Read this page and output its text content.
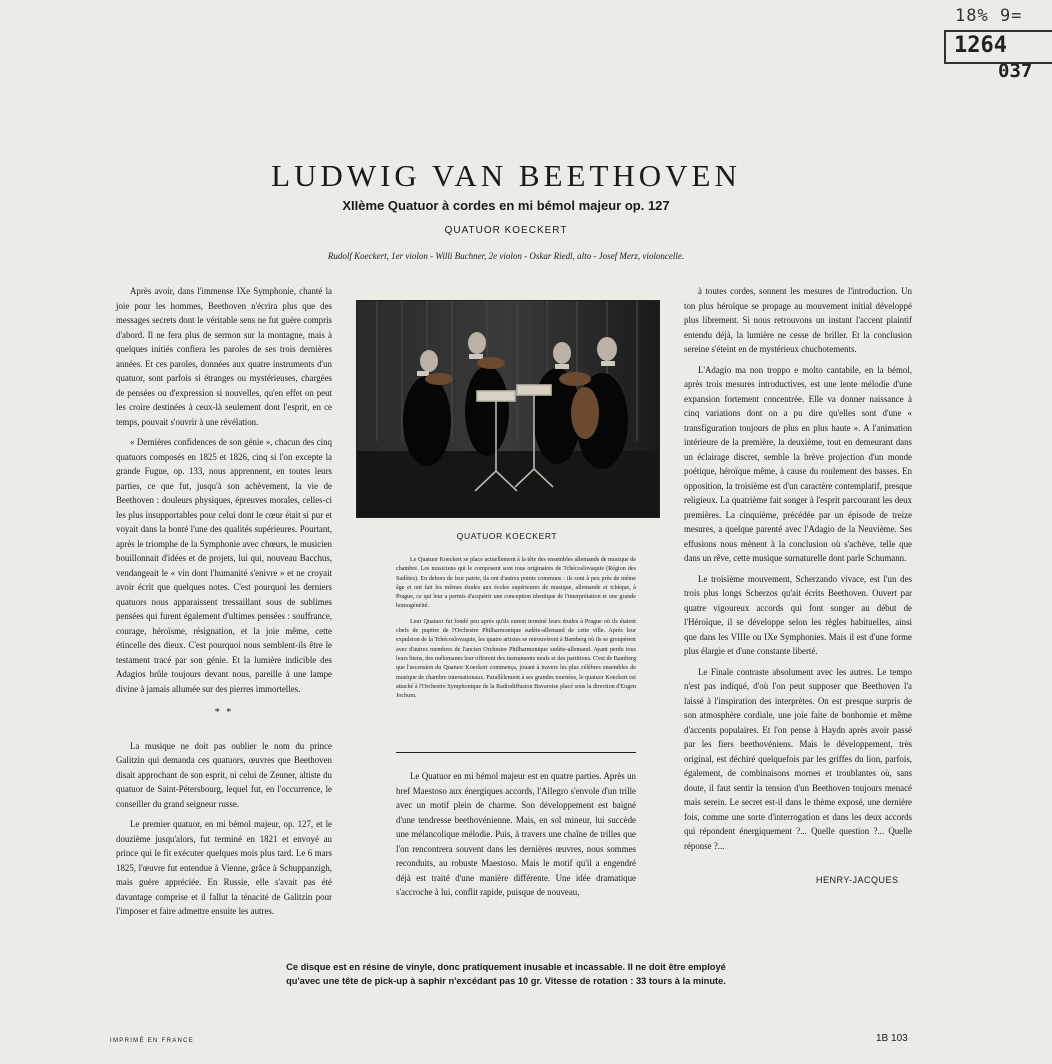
18% 9=
1264
037
LUDWIG VAN BEETHOVEN
XIIème Quatuor à cordes en mi bémol majeur op. 127
QUATUOR KOECKERT
Rudolf Koeckert, 1er violon - Willi Buchner, 2e violon - Oskar Riedl, alto - Josef Merz, violoncelle.

Après avoir, dans l'immense IXe Symphonie, chanté la joie pour les hommes, Beethoven n'écrira plus que des messages secrets dont le véritable sens ne fut guère compris d'abord. Il ne fera plus de sermon sur la montagne, mais à quelques initiés confiera les paroles de ses trois dernières années. Et ces paroles, données aux quatre instruments d'un quatuor, sont parfois si étranges ou mystérieuses, chargées de pensées ou d'expression si nouvelles, qu'en effet on peut les croire destinées à ceux-là seulement dont l'esprit, en ce temps, pouvait s'ouvrir à une révélation.

« Dernières confidences de son génie », chacun des cinq quatuors composés en 1825 et 1826, cinq si l'on excepte la grande Fugue, op. 133, nous apprennent, en toutes leurs parties, ce que fut, jusqu'à son achèvement, la vie de Beethoven : douleurs physiques, épreuves morales, celles-ci les plus insupportables pour celui dont le cœur était si pur et voyait dans la bonté l'une des qualités supérieures. Pourtant, après le triomphe de la Symphonie avec chœurs, le musicien bouillonnait d'idées et de projets, lui qui, nouveau Bacchus, vendangeait le « vin dont l'humanité s'enivre » et ne croyait avoir écrit que quelques notes. C'est pourquoi les derniers quatuors nous apparaissent tressaillant sous de sublimes pensées qui furent également d'ultimes pensées : souffrance, courage, héroïsme, résignation, et la joie même, cette étincelle des dieux. C'est pourquoi nous semblent-ils être le testament tracé par son génie. Et la lumière indicible des Adagios brûle toujours devant nous, pareille à une lampe divine à jamais allumée sur des pierres immortelles.

* *

La musique ne doit pas oublier le nom du prince Galitzin qui demanda ces quatuors, œuvres que Beethoven disait approchant de son esprit, ni celui de Zeuner, altiste du quatuor de Saint-Pétersbourg, lequel fut, en l'occurrence, le conseiller du grand seigneur russe.

Le premier quatuor, en mi bémol majeur, op. 127, et le douzième jusqu'alors, fut terminé en 1821 et envoyé au prince qui le fit exécuter quelques mois plus tard. Le 6 mars 1825, l'œuvre fut entendue à Vienne, grâce à Schuppanzigh, mais guère appréciée. En Russie, elle s'avait pas été davantage comprise et il fallut la ténacité de Galitzin pour l'imposer et faire admettre ensuite les autres.

QUATUOR KOECKERT

Le Quatuor Koeckert se place actuellement à la tête des ensembles allemands de musique de chambre. Les musiciens qui le composent sont tous originaires de Tchécoslovaquie (Région des Sudètes). En dehors de leur patrie, ils ont d'autres points communs : ils sont à peu près de même âge et ont fait les mêmes études aux écoles supérieures de musique, allemande et tchèque, à Prague, ce qui leur a permis d'acquérir une conception identique de l'interprétation et une grande homogénéité.

Leur Quatuor fut fondé peu après qu'ils eurent terminé leurs études à Prague où ils étaient chefs de pupitre de l'Orchestre Philharmonique sudète-allemand de cette ville. Après leur expulsion de la Tchécoslovaquie, les quatre artistes se retrouvèrent à Bamberg où ils se groupèrent avec d'autres membres de l'ancien Orchestre Philharmonique sudète-allemand. Ayant perdu tous leurs biens, des mélomanes leur offrirent des instruments neufs et des partitions. C'est de Bamberg que l'ascension du Quatuor Koeckert commença, jouant à travers les plus célèbres ensembles de musique de chambre internationaux. Parallèlement à ses grandes tournées, le quatuor Koeckert est attaché à l'Orchestre Symphonique de la Radiodiffusion Bavaroise placé sous la direction d'Eugen Jochum.

Le Quatuor en mi bémol majeur est en quatre parties. Après un bref Maestoso aux énergiques accords, l'Allegro s'envole d'un trille avec un motif plein de charme. Son développement est baigné d'une tendresse beethovénienne. Mais, en sol mineur, lui succède une mélancolique mélodie. Puis, à travers une chaîne de trilles que l'on rencontrera souvent dans les dernières œuvres, nous sommes reconduits, au robuste Maestoso. Mais le motif qu'il a engendré déjà est traité d'une manière différente. Une idée dramatique s'accroche à lui, conflit rapide, puisque de nouveau,

à toutes cordes, sonnent les mesures de l'introduction. Un ton plus héroïque se propage au mouvement initial développé plus librement. Si nous retrouvons un instant l'accent plaintif entendu déjà, la lumière ne cesse de briller. Et la conclusion sereine s'éteint en de mystérieux chuchotements.

L'Adagio ma non troppo e molto cantabile, en la bémol, après trois mesures introductives, est une lente mélodie d'une expansion fortement concentrée. Elle va donner naissance à cinq variations dont on a pu dire qu'elles sont d'une « transfiguration toujours de plus en plus haute ». A l'animation intérieure de la première, la deuxième, tout en demeurant dans un éclairage discret, semble la brève projection d'un monde poétique, héroïque même, à cause du roulement des basses. En opposition, la troisième est d'un caractère contemplatif, presque religieux. La quatrième fait songer à l'esprit parcourant les deux premières. La cinquième, précédée par un épisode de treize mesures, a quelque parenté avec l'Adagio de la Neuvième. Ses effusions nous mènent à la conclusion où s'achève, telle que dans un rêve, cette musique surnaturelle dont parle Schumann.

Le troisième mouvement, Scherzando vivace, est l'un des trois plus longs Scherzos qu'ait écrits Beethoven. Ouvert par quatre vigoureux accords qui font songer au début de l'Héroïque, il se développe selon les règles habituelles, ainsi que dans les VIIIe ou IXe Symphonies. Mais il est d'une forme plus élargie et d'une constante liberté.

Le Finale contraste absolument avec les autres. Le tempo n'est pas indiqué, d'où l'on peut supposer que Beethoven l'a laissé à l'inspiration des interprètes. On est presque surpris de son atmosphère cordiale, une joie faite de bonhomie et même d'accents populaires. Et l'on pense à Haydn après avoir passé par les fiers beethovéniens. Mais le développement, très original, est déchiré quelquefois par les griffes du lion, parfois, également, de combinaisons mornes et troublantes où, sans doute, il faut sentir la tension d'un Beethoven toujours menacé mais serein. Le secret est-il dans le thème exposé, une dernière fois, comme une sorte d'interrogation et dans les deux accords qui répondent énergiquement ?... Quelle question ?... Quelle réponse ?...

HENRY-JACQUES
Ce disque est en résine de vinyle, donc pratiquement inusable et incassable. Il ne doit être employé
qu'avec une tête de pick-up à saphir n'excédant pas 10 gr. Vitesse de rotation : 33 tours à la minute.
IMPRIMÉ EN FRANCE	1B 103
